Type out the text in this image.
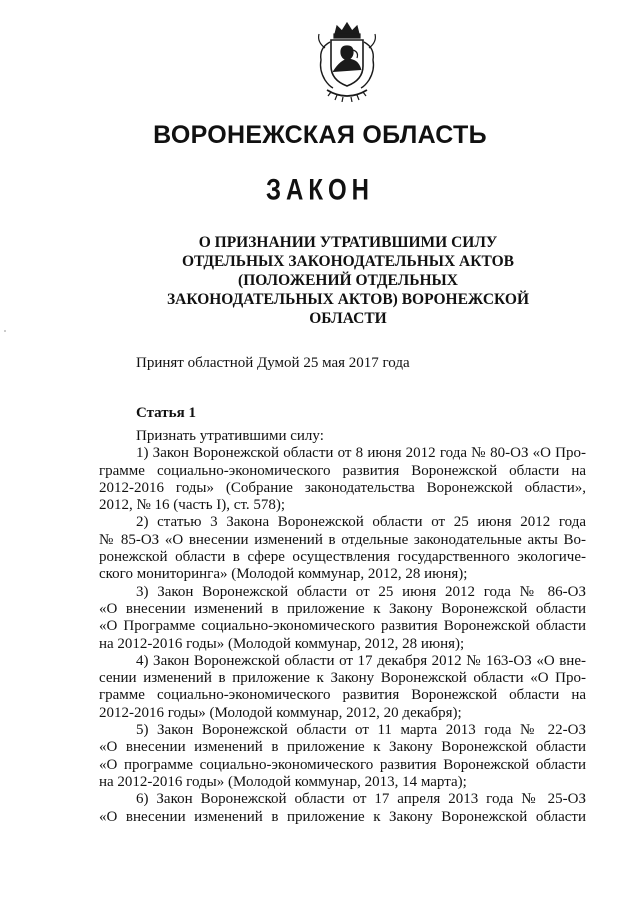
ВОРОНЕЖСКАЯ ОБЛАСТЬ
ЗАКОН
О ПРИЗНАНИИ УТРАТИВШИМИ СИЛУ
ОТДЕЛЬНЫХ ЗАКОНОДАТЕЛЬНЫХ АКТОВ
(ПОЛОЖЕНИЙ ОТДЕЛЬНЫХ
ЗАКОНОДАТЕЛЬНЫХ АКТОВ) ВОРОНЕЖСКОЙ
ОБЛАСТИ
Принят областной Думой 25 мая 2017 года
Статья 1
Признать утратившими силу:
1) Закон Воронежской области от 8 июня 2012 года № 80-ОЗ «О Про-
грамме социально-экономического развития Воронежской области на
2012-2016 годы» (Собрание законодательства Воронежской области»,
2012, № 16 (часть I), ст. 578);
2) статью 3 Закона Воронежской области от 25 июня 2012 года
№ 85-ОЗ «О внесении изменений в отдельные законодательные акты Во-
ронежской области в сфере осуществления государственного экологиче-
ского мониторинга» (Молодой коммунар, 2012, 28 июня);
3) Закон Воронежской области от 25 июня 2012 года № 86-ОЗ
«О внесении изменений в приложение к Закону Воронежской области
«О Программе социально-экономического развития Воронежской области
на 2012-2016 годы» (Молодой коммунар, 2012, 28 июня);
4) Закон Воронежской области от 17 декабря 2012 № 163-ОЗ «О вне-
сении изменений в приложение к Закону Воронежской области «О Про-
грамме социально-экономического развития Воронежской области на
2012-2016 годы» (Молодой коммунар, 2012, 20 декабря);
5) Закон Воронежской области от 11 марта 2013 года № 22-ОЗ
«О внесении изменений в приложение к Закону Воронежской области
«О программе социально-экономического развития Воронежской области
на 2012-2016 годы» (Молодой коммунар, 2013, 14 марта);
6) Закон Воронежской области от 17 апреля 2013 года № 25-ОЗ
«О внесении изменений в приложение к Закону Воронежской области
